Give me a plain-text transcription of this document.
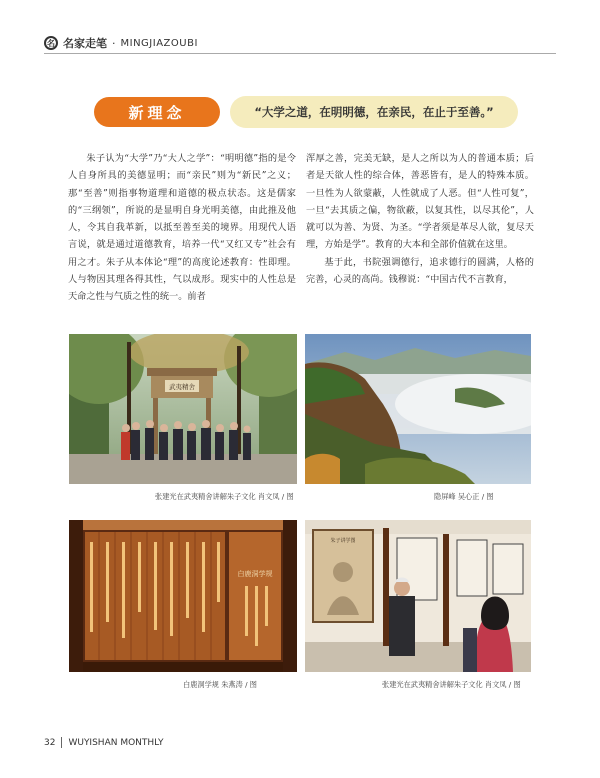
名 名家走笔 · MINGJIAZOUBI
新理念	“大学之道，在明明德，在亲民，在止于至善。”

朱子认为“大学”乃“大人之学”：“明明德”指的是令人自身所具的美德显明；而“亲民”则为“新民”之义；那“至善”则指事物道理和道德的极点状态。这是儒家的“三纲领”，所说的是显明自身光明美德，由此推及他人，令其自我革新，以抵至善至美的境界。用现代人语言说，就是通过道德教育，培养一代“又红又专”社会有用之才。朱子从本体论“理”的高度论述教育：性即理。人与物因其理各得其性，气以成形。现实中的人性总是天命之性与气质之性的统一。前者

浑厚之善，完美无缺，是人之所以为人的普通本质；后者是天欲人性的综合体，善恶皆有，是人的特殊本质。一旦性为人欲蒙蔽，人性就成了人恶。但“人性可复”，一旦“去其质之偏，物欲蔽，以复其性，以尽其伦”，人就可以为善、为贤、为圣。“学者须是革尽人欲，复尽天理，方始是学”。教育的大本和全部价值就在这里。

基于此，书院强调德行，追求德行的圆满，人格的完善，心灵的高尚。钱穆说：“中国古代不言教育，

武夷精舍
张建光在武夷精舍讲解朱子文化 肖文凤 / 图	隐屏峰 吴心正 / 图
白鹿洞学规
白鹿洞学规 朱燕涛 / 图
朱子讲学图
张建光在武夷精舍讲解朱子文化 肖文凤 / 图
32 WUYISHAN MONTHLY
